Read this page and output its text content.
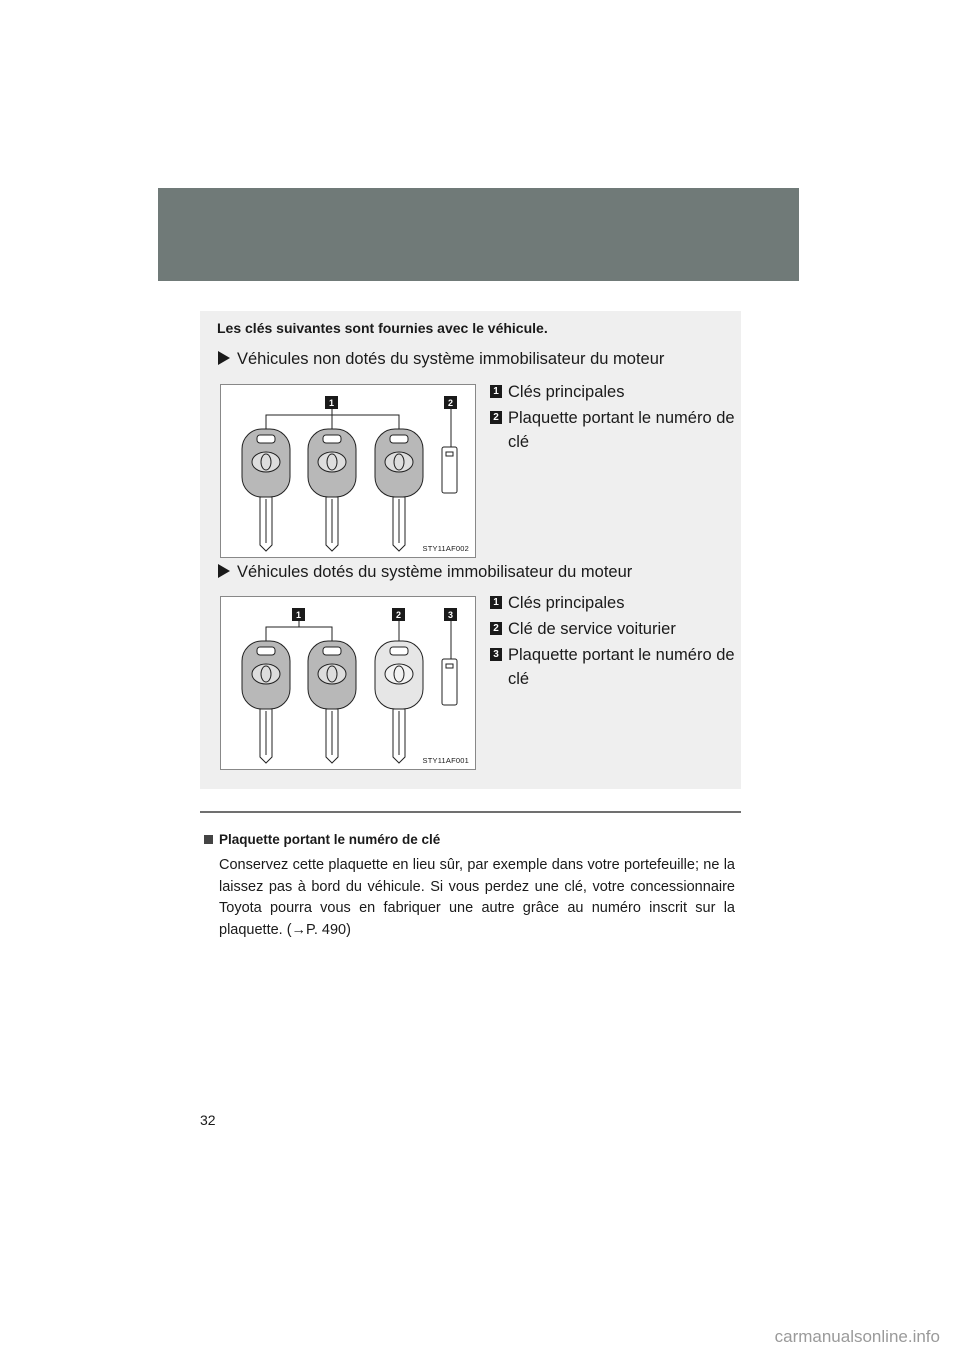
Les clés suivantes sont fournies avec le véhicule.
Véhicules non dotés du système immobilisateur du moteur
1	2
STY11AF002
1 Clés principales
2 Plaquette portant le numéro de clé
Véhicules dotés du système immobilisateur du moteur
1	2	3
STY11AF001
1 Clés principales
2 Clé de service voiturier
3 Plaquette portant le numéro de clé
Plaquette portant le numéro de clé
Conservez cette plaquette en lieu sûr, par exemple dans votre portefeuille; ne la laissez pas à bord du véhicule. Si vous perdez une clé, votre concessionnaire Toyota pourra vous en fabriquer une autre grâce au numéro inscrit sur la plaquette. (→P. 490)
32
carmanualsonline.info
